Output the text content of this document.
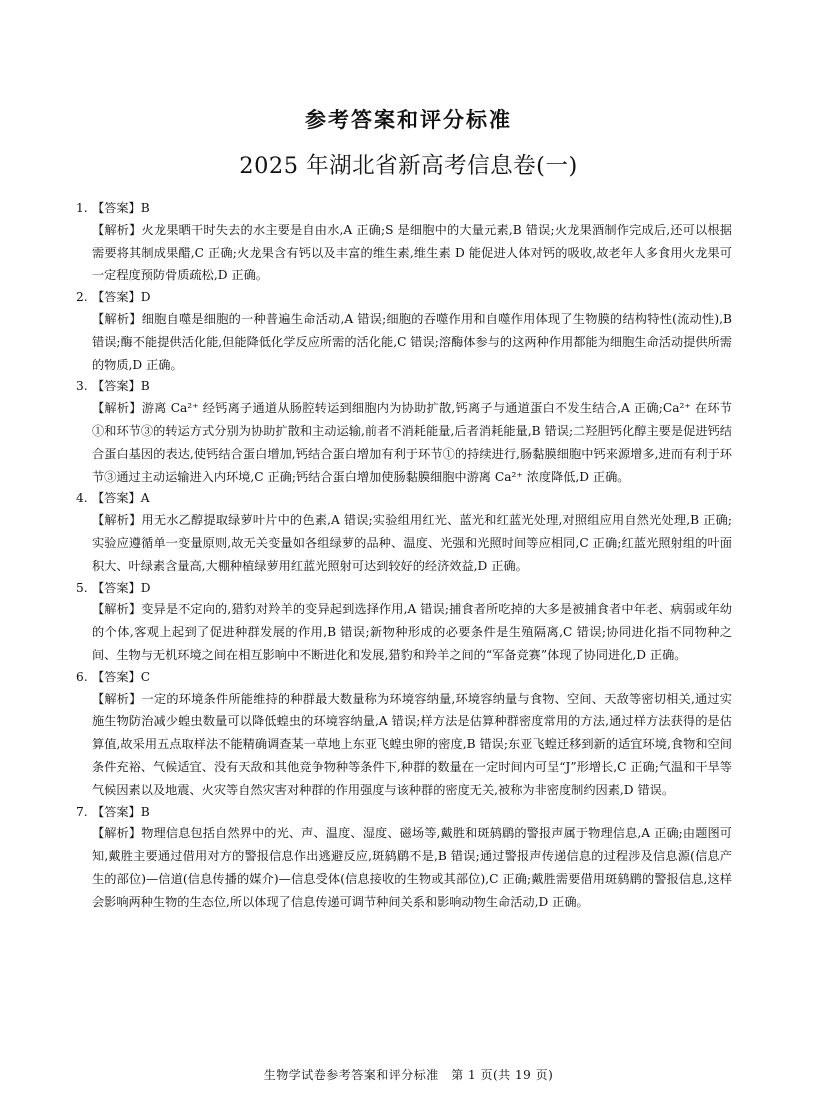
参考答案和评分标准
2025 年湖北省新高考信息卷(一)
1. 【答案】B

【解析】火龙果晒干时失去的水主要是自由水,A 正确;S 是细胞中的大量元素,B 错误;火龙果酒制作完成后,还可以根据需要将其制成果醋,C 正确;火龙果含有钙以及丰富的维生素,维生素 D 能促进人体对钙的吸收,故老年人多食用火龙果可一定程度预防骨质疏松,D 正确。

2. 【答案】D

【解析】细胞自噬是细胞的一种普遍生命活动,A 错误;细胞的吞噬作用和自噬作用体现了生物膜的结构特性(流动性),B 错误;酶不能提供活化能,但能降低化学反应所需的活化能,C 错误;溶酶体参与的这两种作用都能为细胞生命活动提供所需的物质,D 正确。

3. 【答案】B

【解析】游离 Ca²⁺ 经钙离子通道从肠腔转运到细胞内为协助扩散,钙离子与通道蛋白不发生结合,A 正确;Ca²⁺ 在环节①和环节③的转运方式分别为协助扩散和主动运输,前者不消耗能量,后者消耗能量,B 错误;二羟胆钙化醇主要是促进钙结合蛋白基因的表达,使钙结合蛋白增加,钙结合蛋白增加有利于环节①的持续进行,肠黏膜细胞中钙来源增多,进而有利于环节③通过主动运输进入内环境,C 正确;钙结合蛋白增加使肠黏膜细胞中游离 Ca²⁺ 浓度降低,D 正确。

4. 【答案】A

【解析】用无水乙醇提取绿萝叶片中的色素,A 错误;实验组用红光、蓝光和红蓝光处理,对照组应用自然光处理,B 正确;实验应遵循单一变量原则,故无关变量如各组绿萝的品种、温度、光强和光照时间等应相同,C 正确;红蓝光照射组的叶面积大、叶绿素含量高,大棚种植绿萝用红蓝光照射可达到较好的经济效益,D 正确。

5. 【答案】D

【解析】变异是不定向的,猎豹对羚羊的变异起到选择作用,A 错误;捕食者所吃掉的大多是被捕食者中年老、病弱或年幼的个体,客观上起到了促进种群发展的作用,B 错误;新物种形成的必要条件是生殖隔离,C 错误;协同进化指不同物种之间、生物与无机环境之间在相互影响中不断进化和发展,猎豹和羚羊之间的“军备竞赛”体现了协同进化,D 正确。

6. 【答案】C

【解析】一定的环境条件所能维持的种群最大数量称为环境容纳量,环境容纳量与食物、空间、天敌等密切相关,通过实施生物防治减少蝗虫数量可以降低蝗虫的环境容纳量,A 错误;样方法是估算种群密度常用的方法,通过样方法获得的是估算值,故采用五点取样法不能精确调查某一草地上东亚飞蝗虫卵的密度,B 错误;东亚飞蝗迁移到新的适宜环境,食物和空间条件充裕、气候适宜、没有天敌和其他竞争物种等条件下,种群的数量在一定时间内可呈“J”形增长,C 正确;气温和干旱等气候因素以及地震、火灾等自然灾害对种群的作用强度与该种群的密度无关,被称为非密度制约因素,D 错误。

7. 【答案】B

【解析】物理信息包括自然界中的光、声、温度、湿度、磁场等,戴胜和斑鸫鹛的警报声属于物理信息,A 正确;由题图可知,戴胜主要通过借用对方的警报信息作出逃避反应,斑鸫鹛不是,B 错误;通过警报声传递信息的过程涉及信息源(信息产生的部位)—信道(信息传播的媒介)—信息受体(信息接收的生物或其部位),C 正确;戴胜需要借用斑鸫鹛的警报信息,这样会影响两种生物的生态位,所以体现了信息传递可调节种间关系和影响动物生命活动,D 正确。

生物学试卷参考答案和评分标准　第 1 页(共 19 页)
